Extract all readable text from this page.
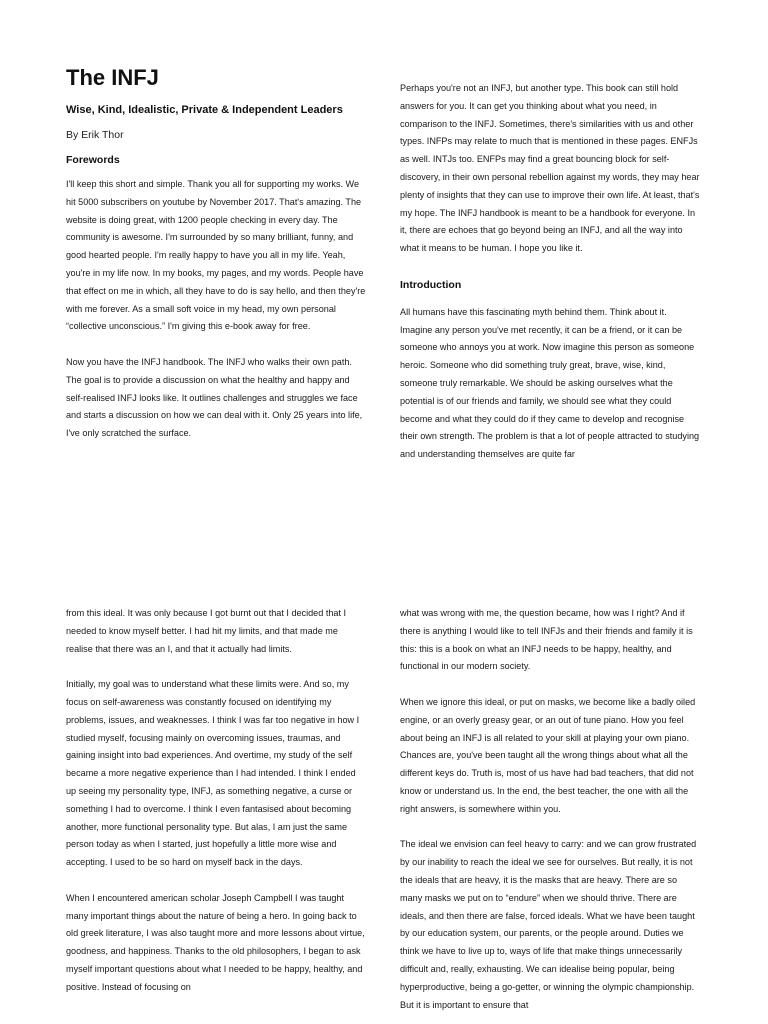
The INFJ

Wise, Kind, Idealistic, Private & Independent Leaders

By Erik Thor

Forewords

I'll keep this short and simple. Thank you all for supporting my works. We hit 5000 subscribers on youtube by November 2017. That's amazing. The website is doing great, with 1200 people checking in every day. The community is awesome. I'm surrounded by so many brilliant, funny, and good hearted people. I'm really happy to have you all in my life. Yeah, you're in my life now. In my books, my pages, and my words. People have that effect on me in which, all they have to do is say hello, and then they're with me forever. As a small soft voice in my head, my own personal “collective unconscious.” I'm giving this e-book away for free.

Now you have the INFJ handbook. The INFJ who walks their own path. The goal is to provide a discussion on what the healthy and happy and self-realised INFJ looks like. It outlines challenges and struggles we face and starts a discussion on how we can deal with it. Only 25 years into life, I've only scratched the surface.

Perhaps you're not an INFJ, but another type. This book can still hold answers for you. It can get you thinking about what you need, in comparison to the INFJ. Sometimes, there's similarities with us and other types. INFPs may relate to much that is mentioned in these pages. ENFJs as well. INTJs too. ENFPs may find a great bouncing block for self-discovery, in their own personal rebellion against my words, they may hear plenty of insights that they can use to improve their own life. At least, that's my hope. The INFJ handbook is meant to be a handbook for everyone. In it, there are echoes that go beyond being an INFJ, and all the way into what it means to be human. I hope you like it.

Introduction

All humans have this fascinating myth behind them. Think about it. Imagine any person you've met recently, it can be a friend, or it can be someone who annoys you at work. Now imagine this person as someone heroic. Someone who did something truly great, brave, wise, kind, someone truly remarkable. We should be asking ourselves what the potential is of our friends and family, we should see what they could become and what they could do if they came to develop and recognise their own strength. The problem is that a lot of people attracted to studying and understanding themselves are quite far

from this ideal. It was only because I got burnt out that I decided that I needed to know myself better. I had hit my limits, and that made me realise that there was an I, and that it actually had limits.

Initially, my goal was to understand what these limits were. And so, my focus on self-awareness was constantly focused on identifying my problems, issues, and weaknesses. I think I was far too negative in how I studied myself, focusing mainly on overcoming issues, traumas, and gaining insight into bad experiences. And overtime, my study of the self became a more negative experience than I had intended. I think I ended up seeing my personality type, INFJ, as something negative, a curse or something I had to overcome. I think I even fantasised about becoming another, more functional personality type. But alas, I am just the same person today as when I started, just hopefully a little more wise and accepting. I used to be so hard on myself back in the days.

When I encountered american scholar Joseph Campbell I was taught many important things about the nature of being a hero. In going back to old greek literature, I was also taught more and more lessons about virtue, goodness, and happiness. Thanks to the old philosophers, I began to ask myself important questions about what I needed to be happy, healthy, and positive. Instead of focusing on

what was wrong with me, the question became, how was I right? And if there is anything I would like to tell INFJs and their friends and family it is this: this is a book on what an INFJ needs to be happy, healthy, and functional in our modern society.

When we ignore this ideal, or put on masks, we become like a badly oiled engine, or an overly greasy gear, or an out of tune piano. How you feel about being an INFJ is all related to your skill at playing your own piano. Chances are, you've been taught all the wrong things about what all the different keys do. Truth is, most of us have had bad teachers, that did not know or understand us. In the end, the best teacher, the one with all the right answers, is somewhere within you.

The ideal we envision can feel heavy to carry: and we can grow frustrated by our inability to reach the ideal we see for ourselves. But really, it is not the ideals that are heavy, it is the masks that are heavy. There are so many masks we put on to “endure” when we should thrive. There are ideals, and then there are false, forced ideals. What we have been taught by our education system, our parents, or the people around. Duties we think we have to live up to, ways of life that make things unnecessarily difficult and, really, exhausting. We can idealise being popular, being hyperproductive, being a go-getter, or winning the olympic championship. But it is important to ensure that
